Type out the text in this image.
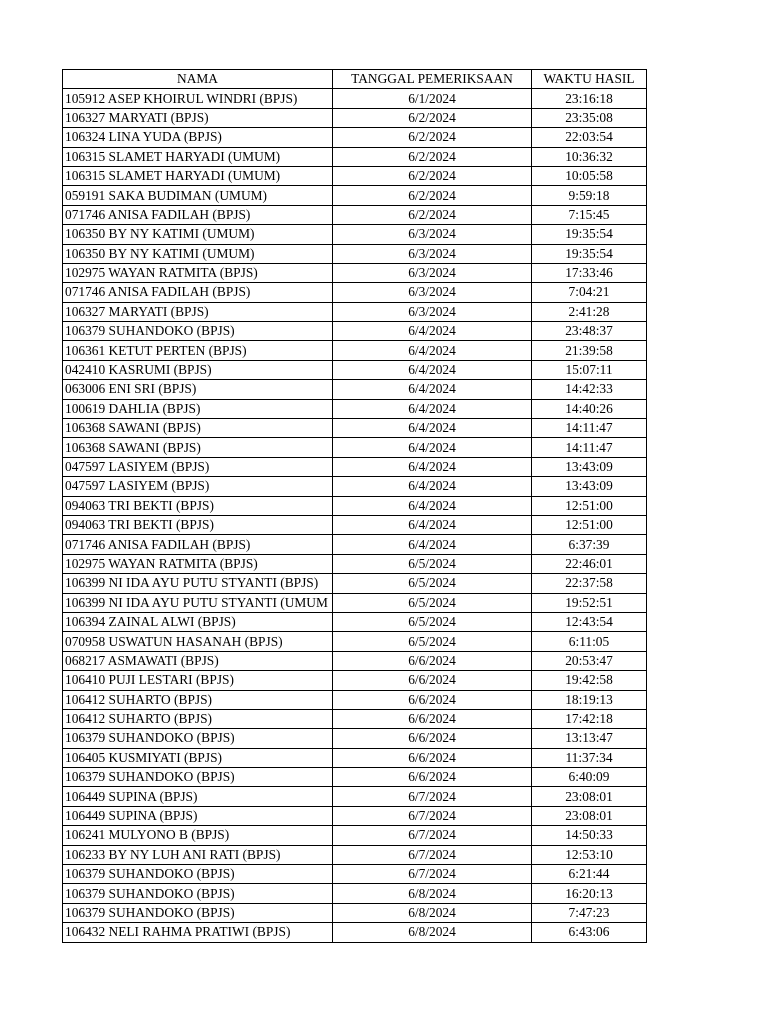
NAMA	TANGGAL PEMERIKSAAN	WAKTU HASIL
105912 ASEP KHOIRUL WINDRI (BPJS)	6/1/2024	23:16:18
106327 MARYATI (BPJS)	6/2/2024	23:35:08
106324 LINA YUDA (BPJS)	6/2/2024	22:03:54
106315 SLAMET HARYADI (UMUM)	6/2/2024	10:36:32
106315 SLAMET HARYADI (UMUM)	6/2/2024	10:05:58
059191 SAKA BUDIMAN (UMUM)	6/2/2024	9:59:18
071746 ANISA FADILAH (BPJS)	6/2/2024	7:15:45
106350 BY NY KATIMI (UMUM)	6/3/2024	19:35:54
106350 BY NY KATIMI (UMUM)	6/3/2024	19:35:54
102975 WAYAN RATMITA (BPJS)	6/3/2024	17:33:46
071746 ANISA FADILAH (BPJS)	6/3/2024	7:04:21
106327 MARYATI (BPJS)	6/3/2024	2:41:28
106379 SUHANDOKO (BPJS)	6/4/2024	23:48:37
106361 KETUT PERTEN (BPJS)	6/4/2024	21:39:58
042410 KASRUMI (BPJS)	6/4/2024	15:07:11
063006 ENI SRI (BPJS)	6/4/2024	14:42:33
100619 DAHLIA (BPJS)	6/4/2024	14:40:26
106368 SAWANI (BPJS)	6/4/2024	14:11:47
106368 SAWANI (BPJS)	6/4/2024	14:11:47
047597 LASIYEM (BPJS)	6/4/2024	13:43:09
047597 LASIYEM (BPJS)	6/4/2024	13:43:09
094063 TRI BEKTI (BPJS)	6/4/2024	12:51:00
094063 TRI BEKTI (BPJS)	6/4/2024	12:51:00
071746 ANISA FADILAH (BPJS)	6/4/2024	6:37:39
102975 WAYAN RATMITA (BPJS)	6/5/2024	22:46:01
106399 NI IDA AYU PUTU STYANTI (BPJS)	6/5/2024	22:37:58
106399 NI IDA AYU PUTU STYANTI (UMUM	6/5/2024	19:52:51
106394 ZAINAL ALWI (BPJS)	6/5/2024	12:43:54
070958 USWATUN HASANAH (BPJS)	6/5/2024	6:11:05
068217 ASMAWATI (BPJS)	6/6/2024	20:53:47
106410 PUJI LESTARI (BPJS)	6/6/2024	19:42:58
106412 SUHARTO (BPJS)	6/6/2024	18:19:13
106412 SUHARTO (BPJS)	6/6/2024	17:42:18
106379 SUHANDOKO (BPJS)	6/6/2024	13:13:47
106405 KUSMIYATI (BPJS)	6/6/2024	11:37:34
106379 SUHANDOKO (BPJS)	6/6/2024	6:40:09
106449 SUPINA (BPJS)	6/7/2024	23:08:01
106449 SUPINA (BPJS)	6/7/2024	23:08:01
106241 MULYONO B (BPJS)	6/7/2024	14:50:33
106233 BY NY LUH ANI RATI (BPJS)	6/7/2024	12:53:10
106379 SUHANDOKO (BPJS)	6/7/2024	6:21:44
106379 SUHANDOKO (BPJS)	6/8/2024	16:20:13
106379 SUHANDOKO (BPJS)	6/8/2024	7:47:23
106432 NELI RAHMA PRATIWI (BPJS)	6/8/2024	6:43:06
